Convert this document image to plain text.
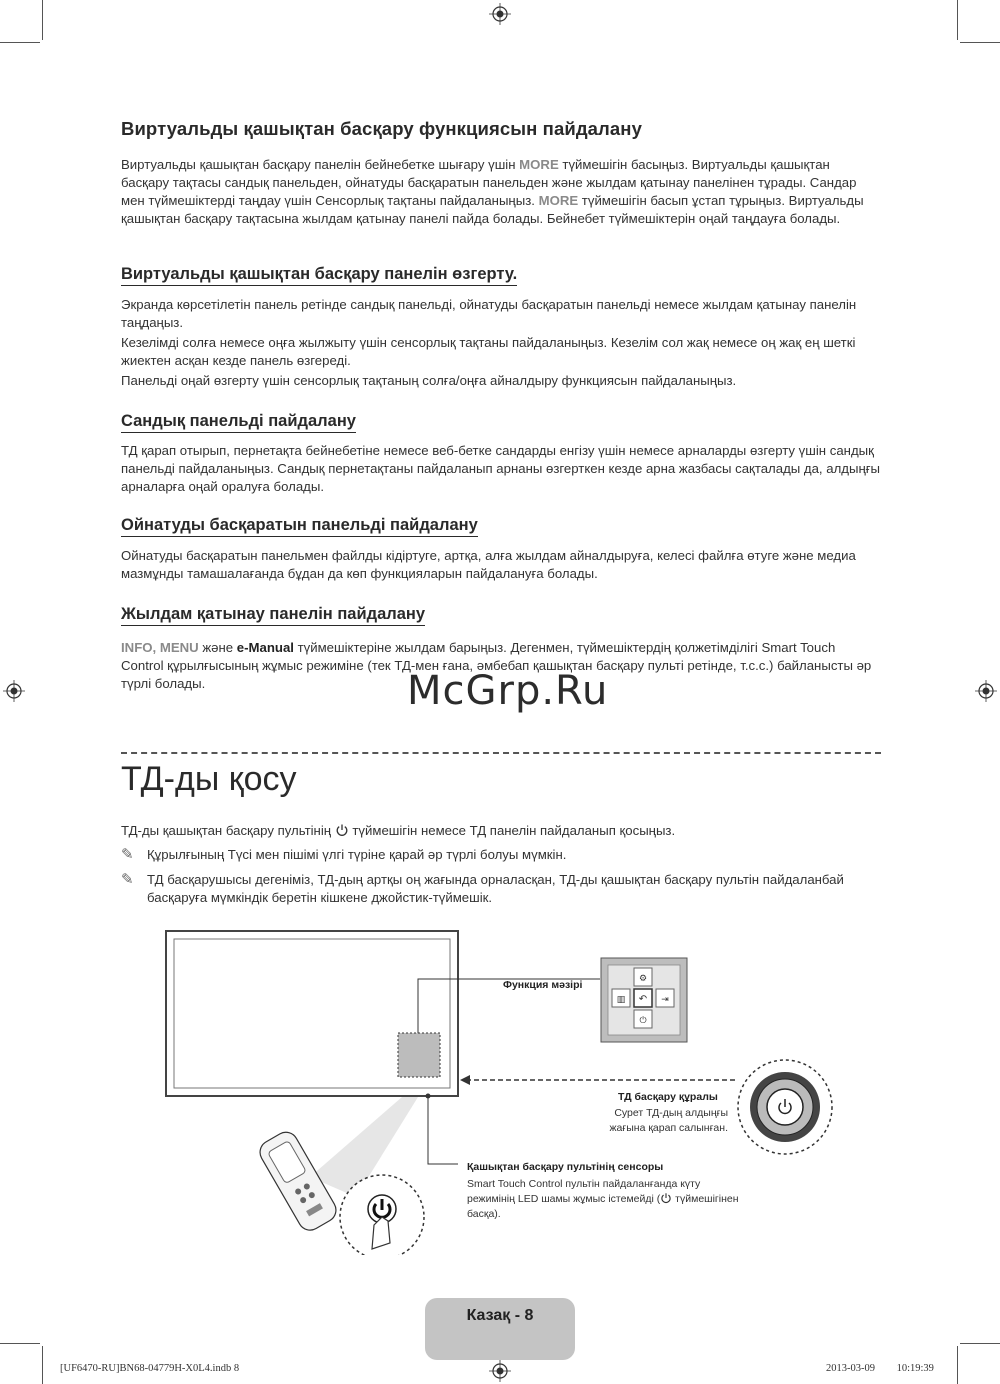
Виртуальды қашықтан басқару функциясын пайдалану
Виртуальды қашықтан басқару панелін бейнебетке шығару үшін MORE түймешігін басыңыз. Виртуальды қашықтан басқару тақтасы сандық панельден, ойнатуды басқаратын панельден және жылдам қатынау панелінен тұрады. Сандар мен түймешіктерді таңдау үшін Сенсорлық тақтаны пайдаланыңыз. MORE түймешігін басып ұстап тұрыңыз. Виртуальды қашықтан басқару тақтасына жылдам қатынау панелі пайда болады. Бейнебет түймешіктерін оңай таңдауға болады.
Виртуальды қашықтан басқару панелін өзгерту.
Экранда көрсетілетін панель ретінде сандық панельді, ойнатуды басқаратын панельді немесе жылдам қатынау панелін таңдаңыз.
Кезелімді солға немесе оңға жылжыту үшін сенсорлық тақтаны пайдаланыңыз. Кезелім сол жақ немесе оң жақ ең шеткі жиектен асқан кезде панель өзгереді.
Панельді оңай өзгерту үшін сенсорлық тақтаның солға/оңға айналдыру функциясын пайдаланыңыз.
Сандық панельді пайдалану
ТД қарап отырып, пернетақта бейнебетіне немесе веб-бетке сандарды енгізу үшін немесе арналарды өзгерту үшін сандық панельді пайдаланыңыз. Сандық пернетақтаны пайдаланып арнаны өзгерткен кезде арна жазбасы сақталады да, алдыңғы арналарға оңай оралуға болады.
Ойнатуды басқаратын панельді пайдалану
Ойнатуды басқаратын панельмен файлды кідіртуге, артқа, алға жылдам айналдыруға, келесі файлға өтуге және медиа мазмұнды тамашалағанда бұдан да көп функцияларын пайдалануға болады.
Жылдам қатынау панелін пайдалану
INFO, MENU және e-Manual түймешіктеріне жылдам барыңыз. Дегенмен, түймешіктердің қолжетімділігі Smart Touch Control құрылғысының жұмыс режиміне (тек ТД-мен ғана, әмбебап қашықтан басқару пульті ретінде, т.с.с.) байланысты әр түрлі болады.	McGrp.Ru
ТД-ды қосу
ТД-ды қашықтан басқару пультінің  түймешігін немесе ТД панелін пайдаланып қосыңыз.
✎ Құрылғының Түсі мен пішімі үлгі түріне қарай әр түрлі болуы мүмкін.
✎ ТД басқарушысы дегеніміз, ТД-дың артқы оң жағында орналасқан, ТД-ды қашықтан басқару пультін пайдаланбай басқаруға мүмкіндік беретін кішкене джойстик-түймешік.
⚙
▥ ↶ ⇥
⏻
Функция мәзірі
ТД басқару құралы
Сурет ТД-дың алдыңғы
жағына қарап салынған.
Қашықтан басқару пультінің сенсоры
Smart Touch Control пультін пайдаланғанда күту
режимінің LED шамы жұмыс істемейді ( түймешігінен
басқа).
Казақ - 8
[UF6470-RU]BN68-04779H-X0L4.indb 8	2013-03-09 ￿￿ 10:19:39
